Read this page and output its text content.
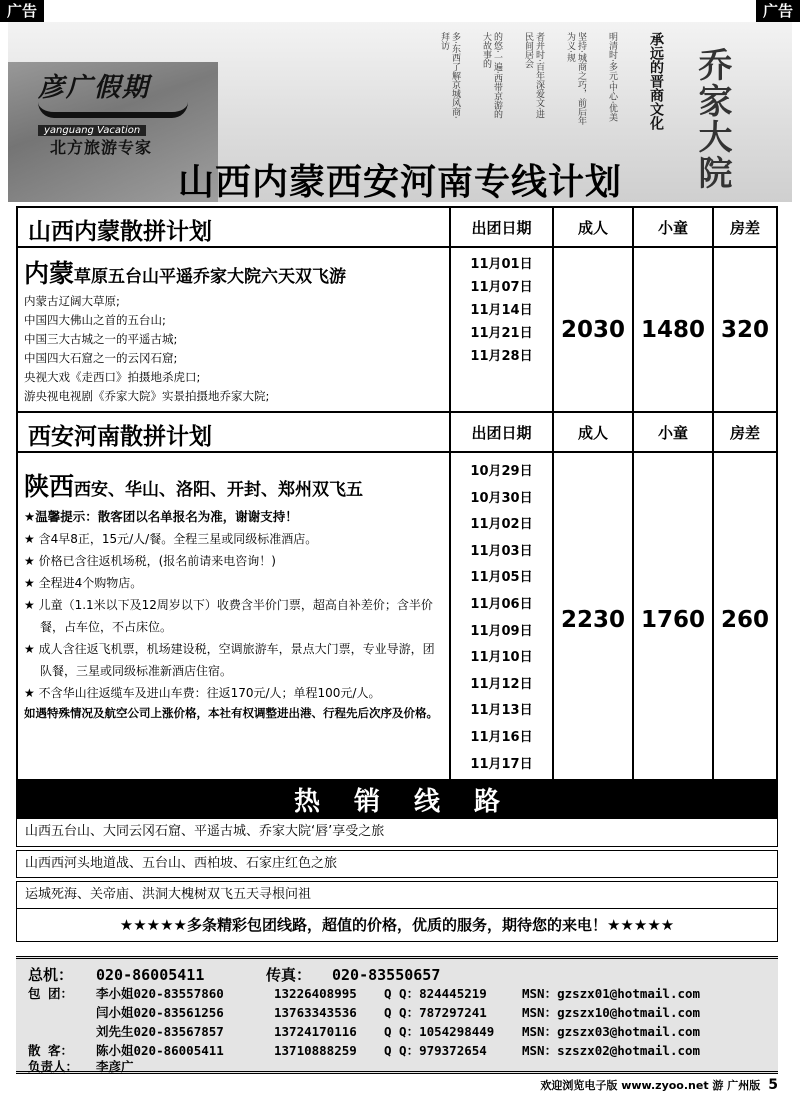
广告	广告
彦广假期
yanguang Vacation
北方旅游专家
多·东西了解京城风商·拜访	的悠·一遍·西带京游的大故事的	者并时·百年深爱文·进民间居会	坚持·城商之巧，前后年为义·规	明清时·多元·中心·优美 承远的晋商文化 乔家大院
山西内蒙西安河南专线计划
山西内蒙散拼计划	出团日期	成人	小童	房差
内蒙草原五台山平遥乔家大院六天双飞游
内蒙古辽阔大草原;
中国四大佛山之首的五台山;
中国三大古城之一的平遥古城;
中国四大石窟之一的云冈石窟;
央视大戏《走西口》拍摄地杀虎口;
游央视电视剧《乔家大院》实景拍摄地乔家大院;
11月01日
11月07日
11月14日
11月21日
11月28日
2030 1480 320
西安河南散拼计划	出团日期	成人	小童	房差
陕西西安、华山、洛阳、开封、郑州双飞五
★温馨提示：散客团以名单报名为准，谢谢支持！
★ 含4早8正，15元/人/餐。全程三星或同级标准酒店。
★ 价格已含往返机场税，(报名前请来电咨询！)
★ 全程进4个购物店。
★ 儿童（1.1米以下及12周岁以下）收费含半价门票，超高自补差价；含半价餐，占车位，不占床位。
★ 成人含往返飞机票，机场建设税，空调旅游车，景点大门票，专业导游，团队餐，三星或同级标准新酒店住宿。
★ 不含华山往返缆车及进山车费：往返170元/人；单程100元/人。
如遇特殊情况及航空公司上涨价格，本社有权调整进出港、行程先后次序及价格。
10月29日
10月30日
11月02日
11月03日
11月05日
11月06日
11月09日
11月10日
11月12日
11月13日
11月16日
11月17日
2230 1760 260
热销线路
山西五台山、大同云冈石窟、平遥古城、乔家大院‘唇’享受之旅
山西西河头地道战、五台山、西柏坡、石家庄红色之旅
运城死海、关帝庙、洪洞大槐树双飞五天寻根问祖
★★★★★多条精彩包团线路，超值的价格，优质的服务，期待您的来电！★★★★★
总机： 020-86005411	传真： 020-83550657
包 团： 李小姐020-83557860	13226408995 Q Q：824445219	MSN：gzszx01@hotmail.com
闫小姐020-83561256	13763343536 Q Q：787297241	MSN：gzszx10@hotmail.com
刘先生020-83567857	13724170116 Q Q：1054298449 MSN：gzszx03@hotmail.com
散 客： 陈小姐020-86005411	13710888259 Q Q：979372654	MSN：szszx02@hotmail.com
负责人： 李彦广
欢迎浏览电子版 www.zyoo.net 游 广州版 5
